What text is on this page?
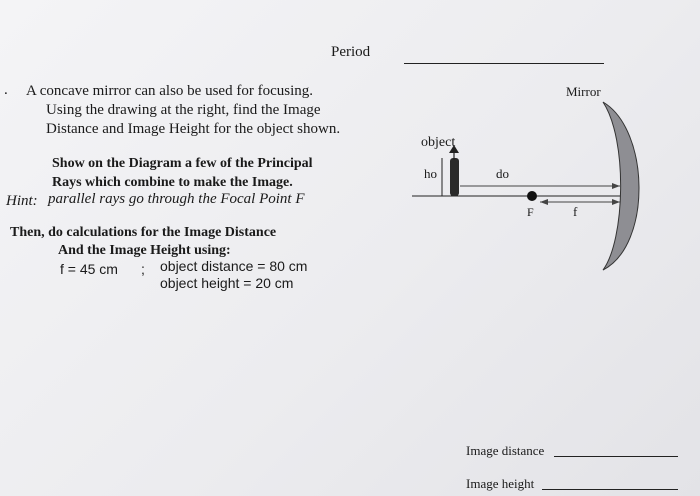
Period
. A concave mirror can also be used for focusing.
Using the drawing at the right, find the Image
Distance and Image Height for the object shown.
Show on the Diagram a few of the Principal
Rays which combine to make the Image.
Hint: parallel rays go through the Focal Point F
Then, do calculations for the Image Distance
And the Image Height using:
f = 45 cm ; object distance = 80 cm
object height = 20 cm
Mirror
object
ho	do
F	f
Image distance
Image height
